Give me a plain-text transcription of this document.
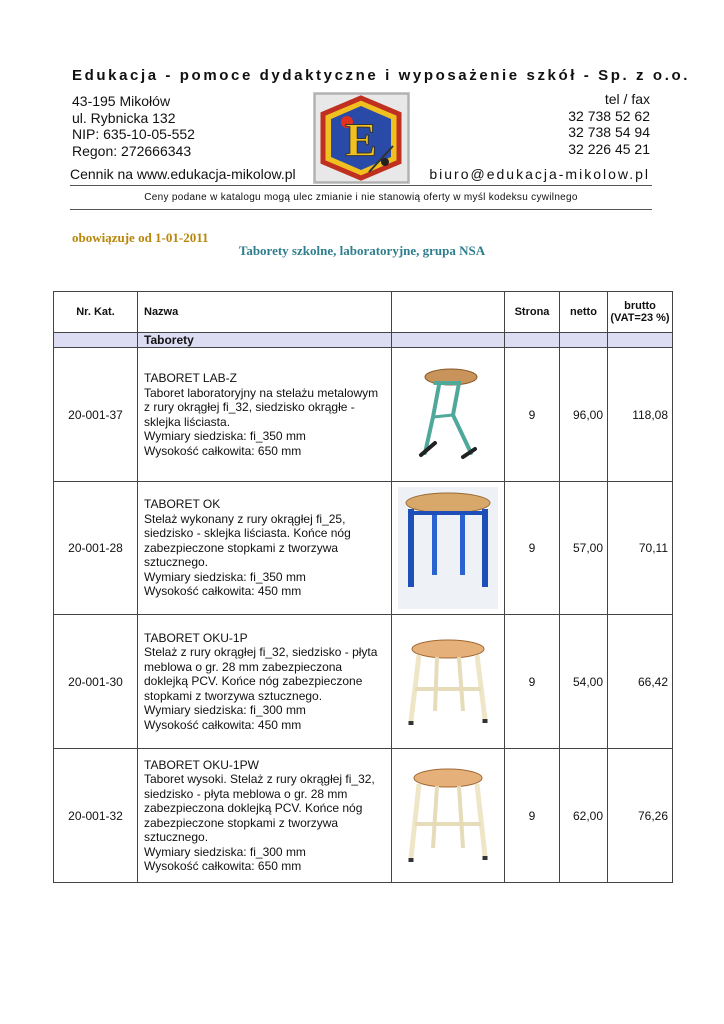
Edukacja - pomoce dydaktyczne i wyposażenie szkół - Sp. z o.o.
43-195 Mikołów
ul. Rybnicka 132
NIP: 635-10-05-552
Regon: 272666343	E
tel / fax
32 738 52 62
32 738 54 94
32 226 45 21
Cennik na www.edukacja-mikolow.pl	biuro@edukacja-mikolow.pl
Ceny podane w katalogu mogą ulec zmianie i nie stanowią oferty w myśl kodeksu cywilnego
obowiązuje od 1-01-2011
Taborety szkolne, laboratoryjne, grupa NSA
Nr. Kat.	Nazwa		Strona	netto	brutto (VAT=23 %)
	Taborety				
20-001-37	TABORET LAB-Z
Taboret laboratoryjny na stelażu metalowym z rury okrągłej fi_32, siedzisko okrągłe - sklejka liściasta.
Wymiary siedziska: fi_350 mm
Wysokość całkowita: 650 mm		9	96,00	118,08
20-001-28	TABORET OK
Stelaż wykonany z rury okrągłej fi_25, siedzisko - sklejka liściasta. Końce nóg zabezpieczone stopkami z tworzywa sztucznego.
Wymiary siedziska: fi_350 mm
Wysokość całkowita: 450 mm		9	57,00	70,11
20-001-30	TABORET OKU-1P
Stelaż z rury okrągłej fi_32, siedzisko - płyta meblowa o gr. 28 mm zabezpieczona doklejką PCV. Końce nóg zabezpieczone stopkami z tworzywa sztucznego.
Wymiary siedziska: fi_300 mm
Wysokość całkowita: 450 mm		9	54,00	66,42
20-001-32	TABORET OKU-1PW
Taboret wysoki. Stelaż z rury okrągłej fi_32, siedzisko - płyta meblowa o gr. 28 mm zabezpieczona doklejką PCV. Końce nóg zabezpieczone stopkami z tworzywa sztucznego.
Wymiary siedziska: fi_300 mm
Wysokość całkowita: 650 mm		9	62,00	76,26
